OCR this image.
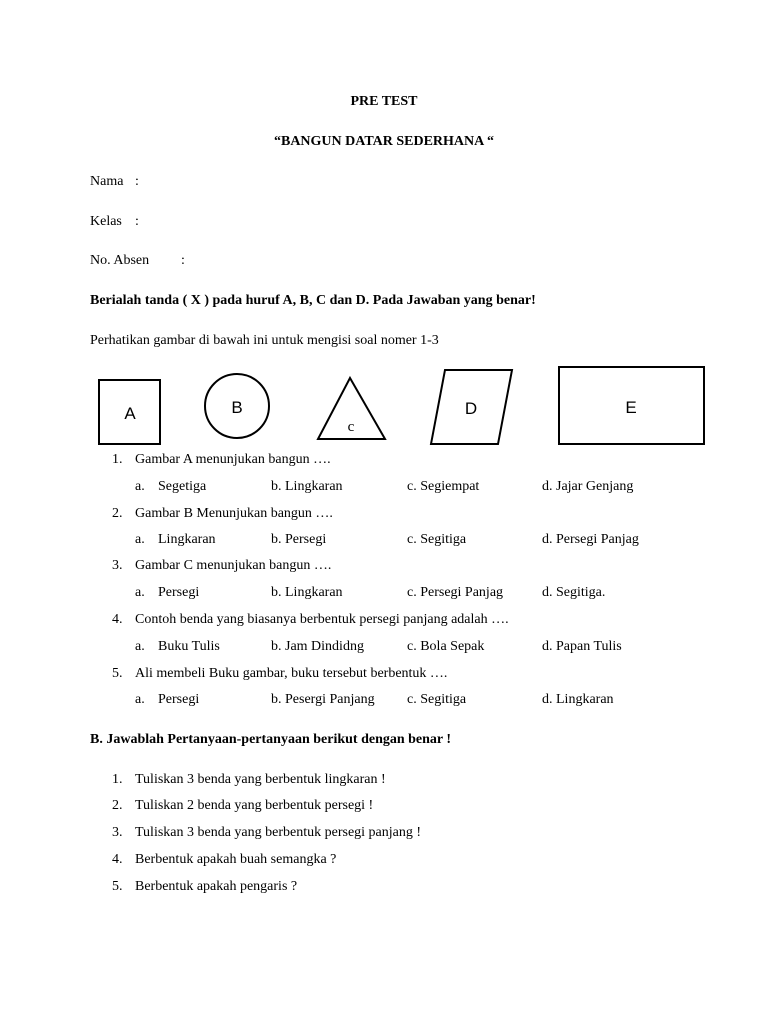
PRE TEST
“BANGUN DATAR SEDERHANA “
Nama :
Kelas :
No. Absen :
Berialah tanda ( X ) pada huruf A, B, C dan D. Pada Jawaban yang benar!
Perhatikan gambar di bawah ini untuk mengisi soal nomer 1-3
A	B
c
D	E
1. Gambar A menunjukan bangun ….
a. Segetiga	b. Lingkaran	c. Segiempat	d. Jajar Genjang
2. Gambar B Menunjukan bangun ….
a. Lingkaran	b. Persegi	c. Segitiga	d. Persegi Panjag
3. Gambar C menunjukan bangun ….
a. Persegi	b. Lingkaran	c. Persegi Panjag	d. Segitiga.
4. Contoh benda yang biasanya berbentuk persegi panjang adalah ….
a. Buku Tulis	b. Jam Dindidng	c. Bola Sepak	d. Papan Tulis
5. Ali membeli Buku gambar, buku tersebut berbentuk ….
a. Persegi	b. Pesergi Panjang c. Segitiga	d. Lingkaran
B. Jawablah Pertanyaan-pertanyaan berikut dengan benar !
1. Tuliskan 3 benda yang berbentuk lingkaran !
2. Tuliskan 2 benda yang berbentuk persegi !
3. Tuliskan 3 benda yang berbentuk persegi panjang !
4. Berbentuk apakah buah semangka ?
5. Berbentuk apakah pengaris ?
